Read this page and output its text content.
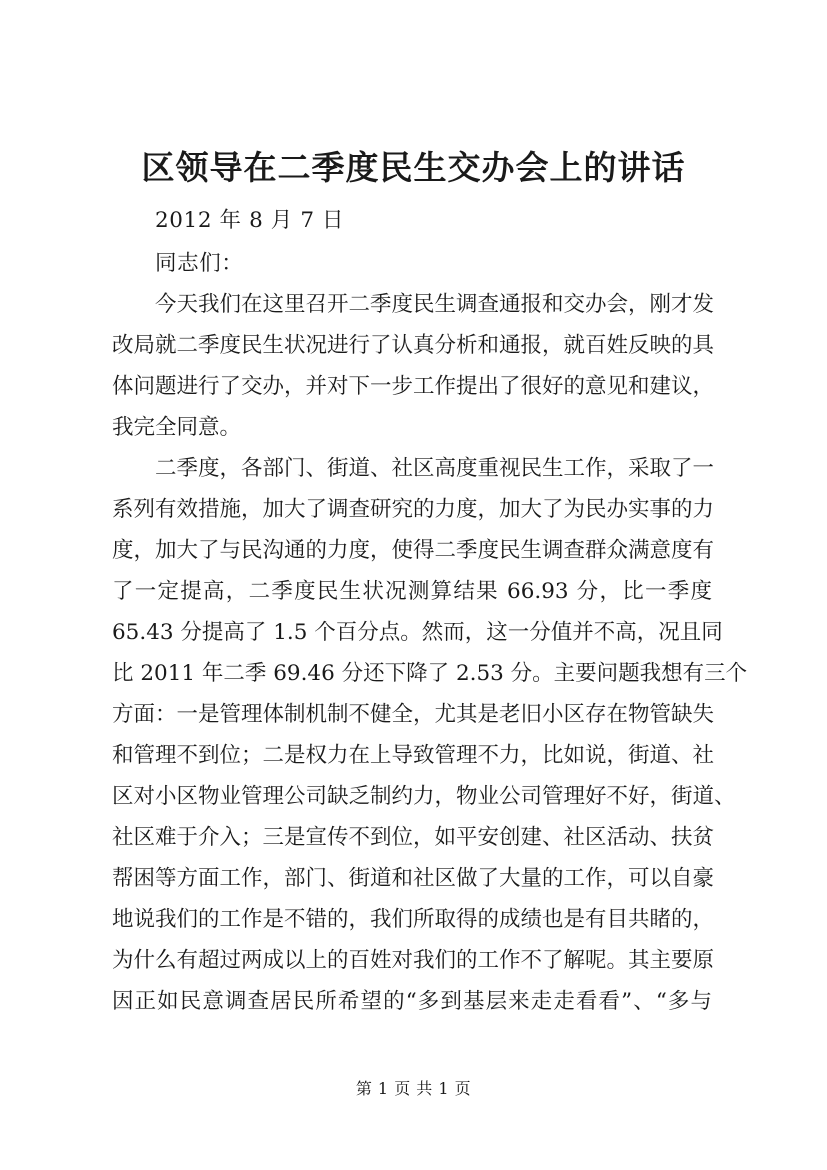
区领导在二季度民生交办会上的讲话
2012 年 8 月 7 日
同志们：
今天我们在这里召开二季度民生调查通报和交办会，刚才发
改局就二季度民生状况进行了认真分析和通报，就百姓反映的具
体问题进行了交办，并对下一步工作提出了很好的意见和建议，
我完全同意。
二季度，各部门、街道、社区高度重视民生工作，采取了一
系列有效措施，加大了调查研究的力度，加大了为民办实事的力
度，加大了与民沟通的力度，使得二季度民生调查群众满意度有
了一定提高，二季度民生状况测算结果 66.93 分，比一季度
65.43 分提高了 1.5 个百分点。然而，这一分值并不高，况且同
比 2011 年二季 69.46 分还下降了 2.53 分。主要问题我想有三个
方面：一是管理体制机制不健全，尤其是老旧小区存在物管缺失
和管理不到位；二是权力在上导致管理不力，比如说，街道、社
区对小区物业管理公司缺乏制约力，物业公司管理好不好，街道、
社区难于介入；三是宣传不到位，如平安创建、社区活动、扶贫
帮困等方面工作，部门、街道和社区做了大量的工作，可以自豪
地说我们的工作是不错的，我们所取得的成绩也是有目共睹的，
为什么有超过两成以上的百姓对我们的工作不了解呢。其主要原
因正如民意调查居民所希望的“多到基层来走走看看”、“多与
第 1 页 共 1 页
